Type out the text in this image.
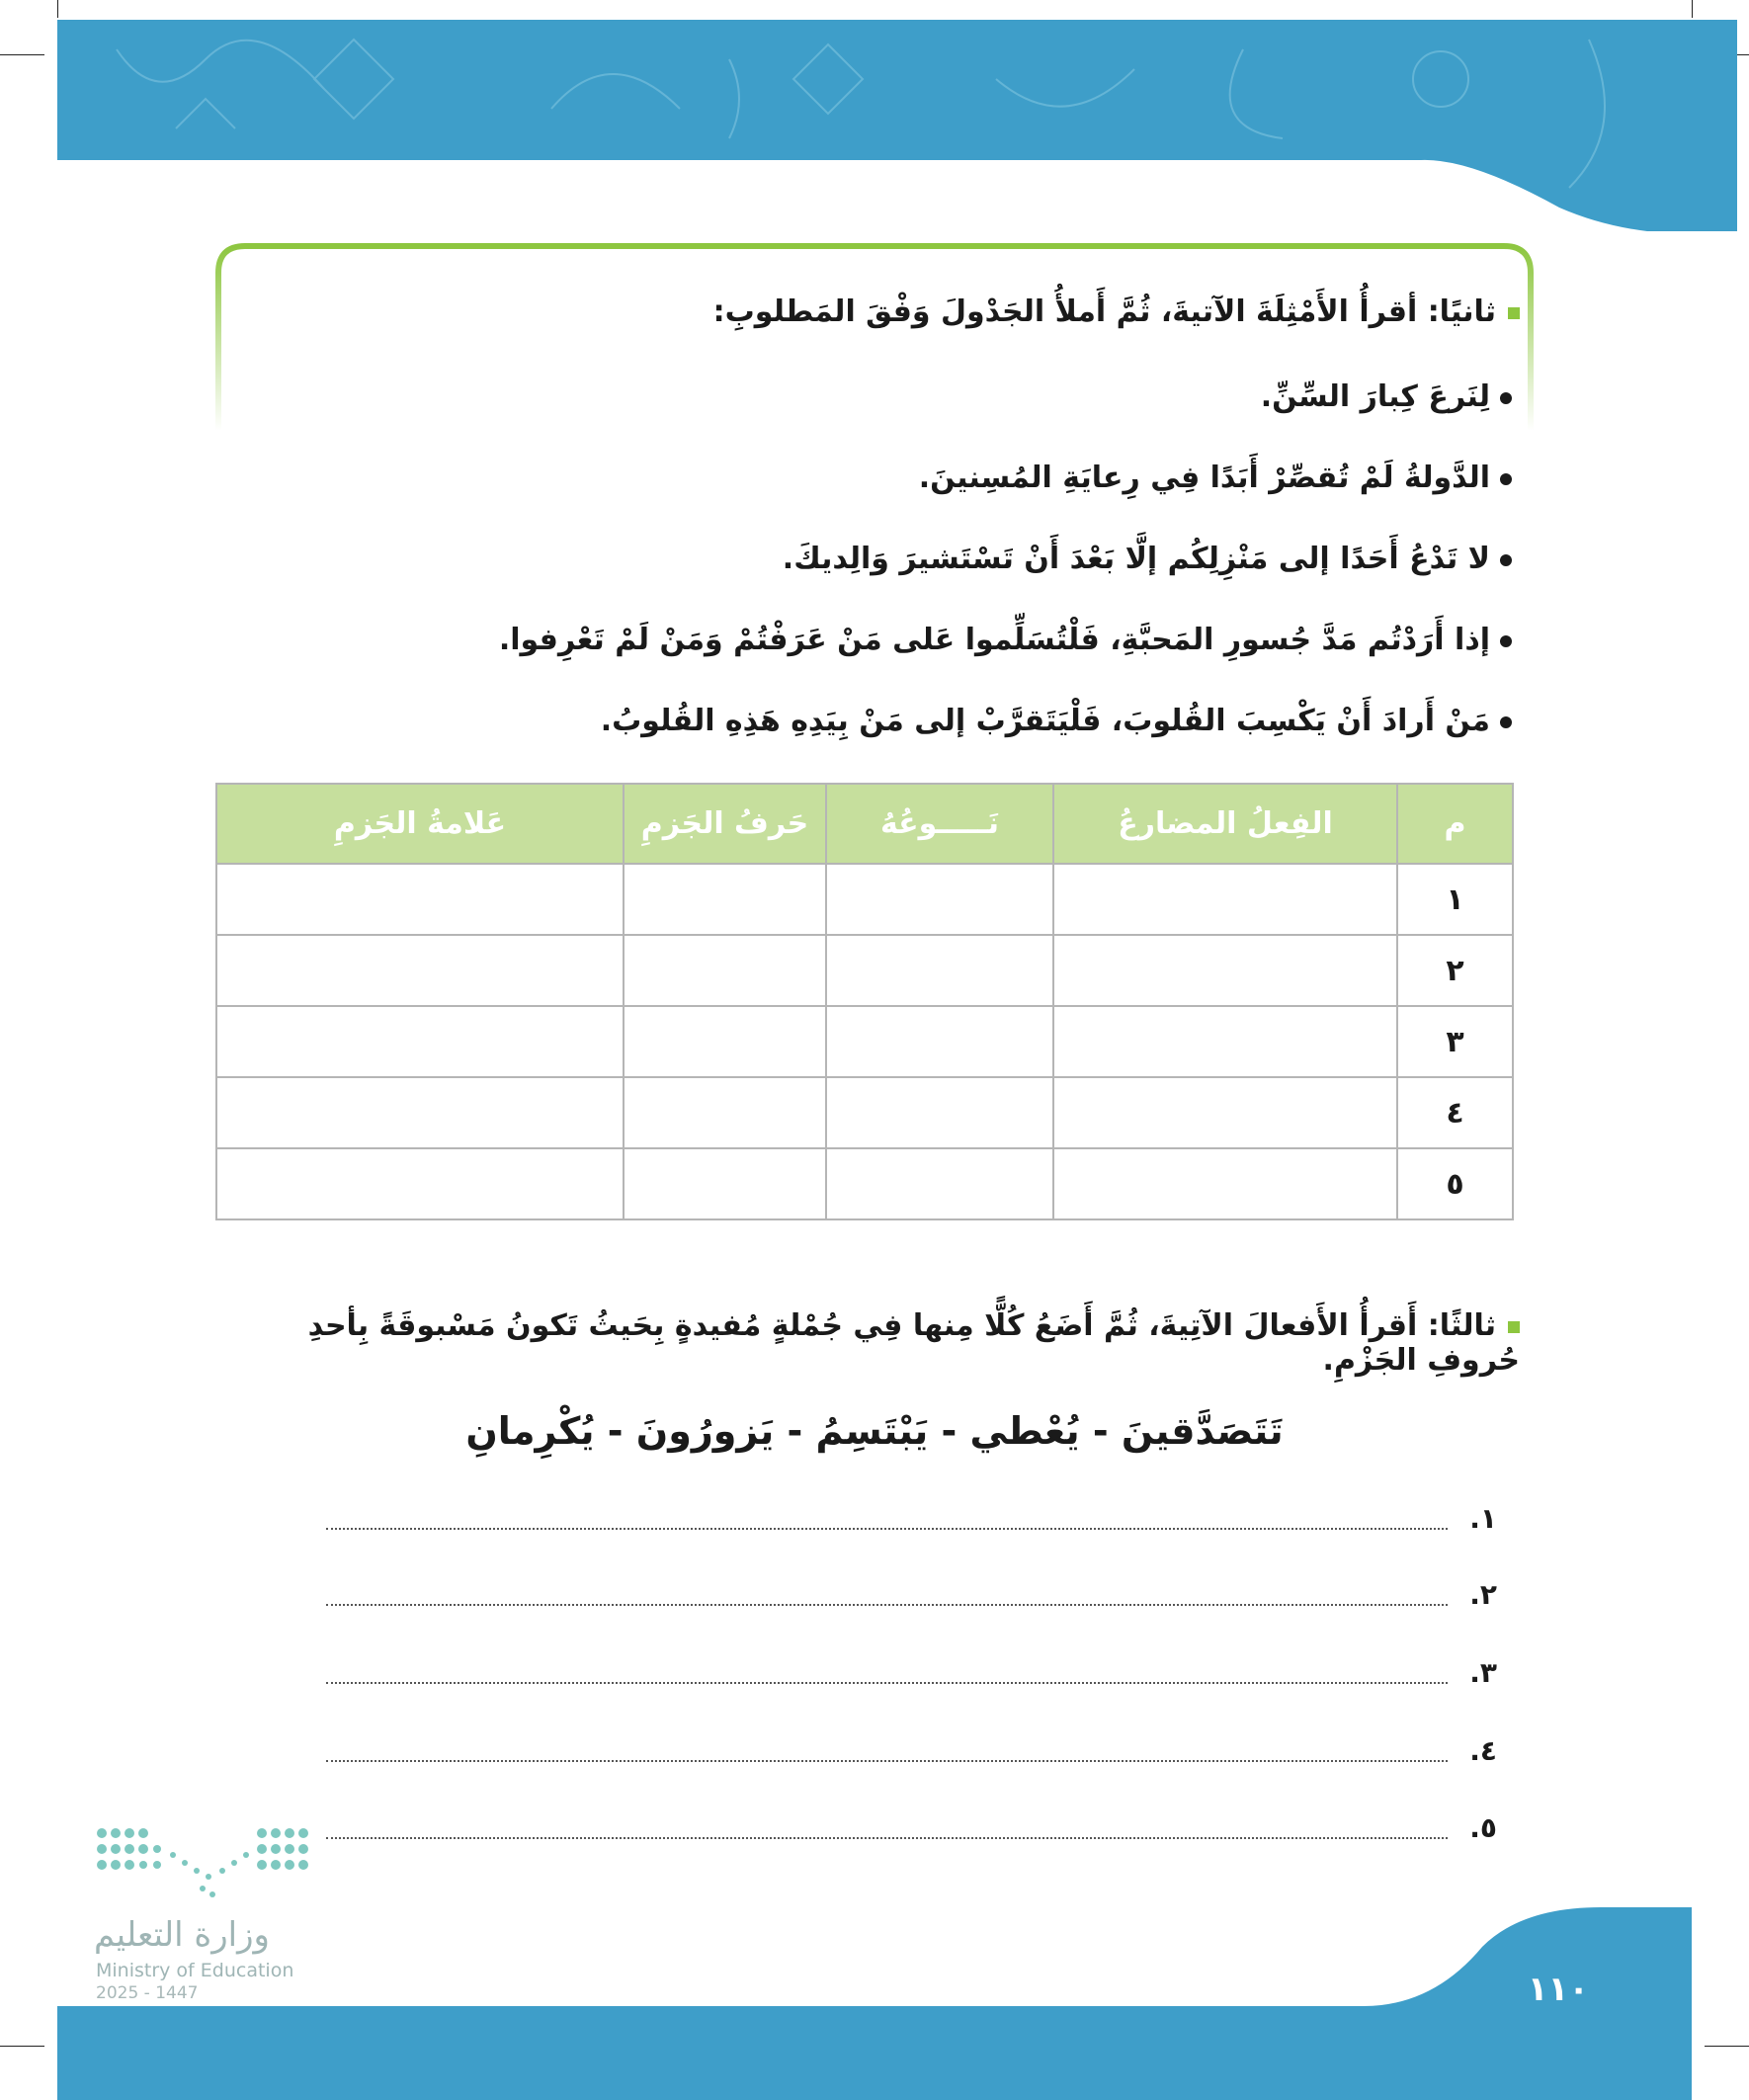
ثانيًا: أقرأُ الأَمْثِلَةَ الآتيةَ، ثُمَّ أَملأُ الجَدْولَ وَفْقَ المَطلوبِ:
لِنَرعَ كِبارَ السِّنِّ.
الدَّولةُ لَمْ تُقصِّرْ أَبَدًا فِي رِعايَةِ المُسِنينَ.
لا تَدْعُ أَحَدًا إلى مَنْزِلِكُم إلَّا بَعْدَ أَنْ تَسْتَشيرَ وَالِديكَ.
إذا أَرَدْتُم مَدَّ جُسورِ المَحبَّةِ، فَلْتُسَلِّموا عَلى مَنْ عَرَفْتُمْ وَمَنْ لَمْ تَعْرِفوا.
مَنْ أَرادَ أَنْ يَكْسِبَ القُلوبَ، فَلْيَتَقرَّبْ إلى مَنْ بِيَدِهِ هَذِهِ القُلوبُ.
م	الفِعلُ المضارعُ	نَـــــوعُهُ	حَرفُ الجَزمِ	عَلامةُ الجَزمِ
١				
٢				
٣				
٤				
٥				
ثالثًا: أَقرأُ الأَفعالَ الآتِيةَ، ثُمَّ أَضَعُ كُلًّا مِنها فِي جُمْلةٍ مُفيدةٍ بِحَيثُ تَكونُ مَسْبوقَةً بِأحدِ حُروفِ الجَزْمِ.
تَتَصَدَّقينَ - يُعْطي - يَبْتَسِمُ - يَزورُونَ - يُكْرِمانِ
١.
٢.
٣.
٤.
٥.
وزارة التعليم
Ministry of Education
2025 - 1447	١١٠
